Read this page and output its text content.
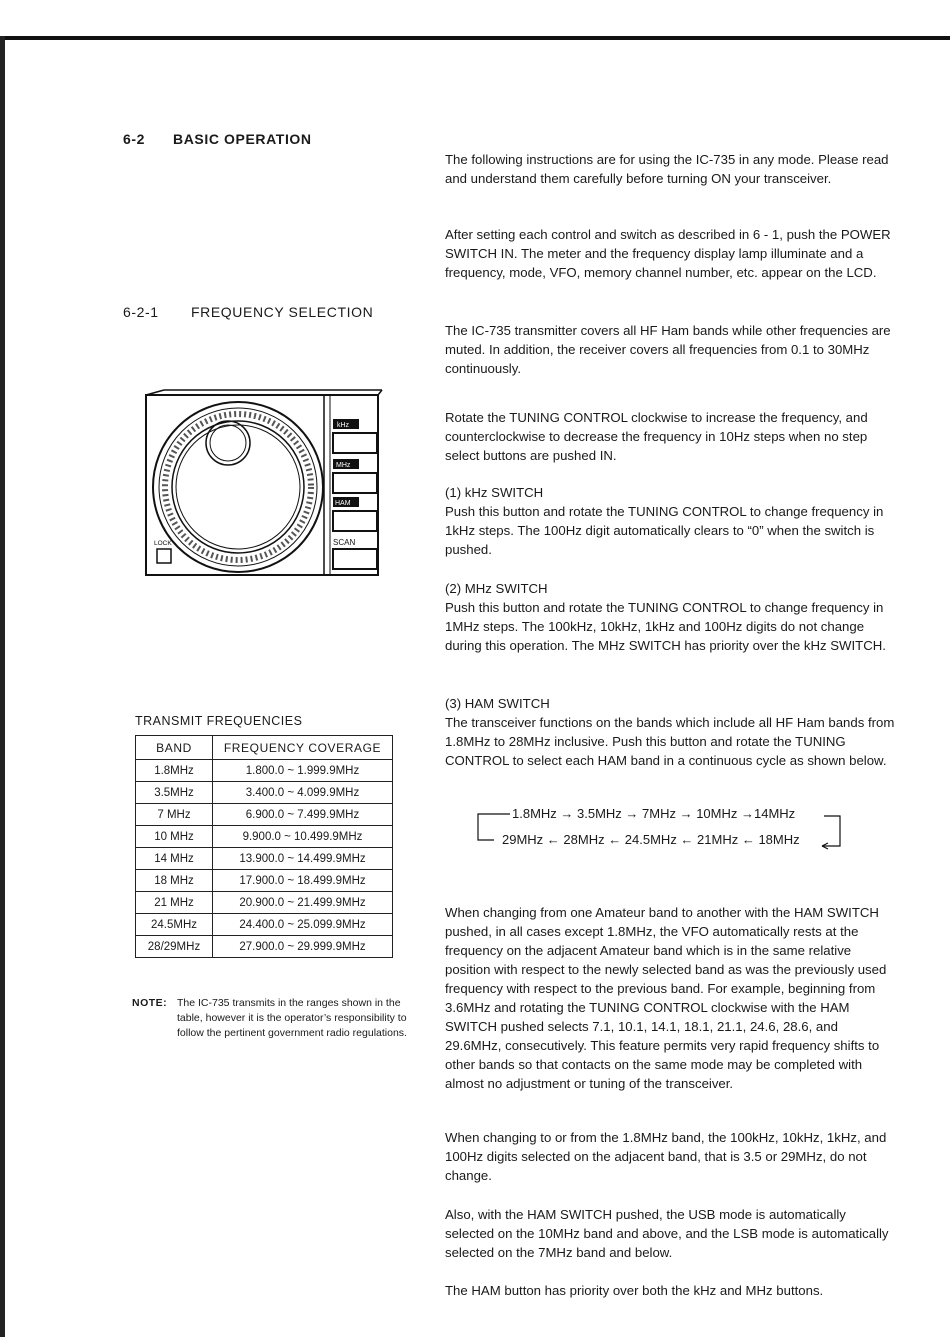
6-2 BASIC OPERATION
6-2-1 FREQUENCY SELECTION
LOCK
kHz
MHz
HAM
SCAN
TRANSMIT FREQUENCIES
BAND	FREQUENCY COVERAGE
1.8MHz	1.800.0 ~ 1.999.9MHz
3.5MHz	3.400.0 ~ 4.099.9MHz
7 MHz	6.900.0 ~ 7.499.9MHz
10 MHz	9.900.0 ~ 10.499.9MHz
14 MHz	13.900.0 ~ 14.499.9MHz
18 MHz	17.900.0 ~ 18.499.9MHz
21 MHz	20.900.0 ~ 21.499.9MHz
24.5MHz	24.400.0 ~ 25.099.9MHz
28/29MHz	27.900.0 ~ 29.999.9MHz
NOTE: The IC-735 transmits in the ranges shown in the table, however it is the operator’s responsibility to follow the pertinent government radio regulations.

The following instructions are for using the IC-735 in any mode. Please read and understand them carefully before turning ON your transceiver.

After setting each control and switch as described in 6 - 1, push the POWER SWITCH IN. The meter and the frequency display lamp illuminate and a frequency, mode, VFO, memory channel number, etc. appear on the LCD.

The IC-735 transmitter covers all HF Ham bands while other frequencies are muted. In addition, the receiver covers all frequencies from 0.1 to 30MHz continuously.

Rotate the TUNING CONTROL clockwise to increase the frequency, and counterclockwise to decrease the frequency in 10Hz steps when no step select buttons are pushed IN.

(1) kHz SWITCH

Push this button and rotate the TUNING CONTROL to change frequency in 1kHz steps. The 100Hz digit automatically clears to “0” when the switch is pushed.

(2) MHz SWITCH

Push this button and rotate the TUNING CONTROL to change frequency in 1MHz steps. The 100kHz, 10kHz, 1kHz and 100Hz digits do not change during this operation. The MHz SWITCH has priority over the kHz SWITCH.

(3) HAM SWITCH

The transceiver functions on the bands which include all HF Ham bands from 1.8MHz to 28MHz inclusive. Push this button and rotate the TUNING CONTROL to select each HAM band in a continuous cycle as shown below.

1.8MHz → 3.5MHz → 7MHz → 10MHz →14MHz
29MHz ← 28MHz ← 24.5MHz ← 21MHz ← 18MHz

When changing from one Amateur band to another with the HAM SWITCH pushed, in all cases except 1.8MHz, the VFO automatically rests at the frequency on the adjacent Amateur band which is in the same relative position with respect to the newly selected band as was the previously used frequency with respect to the previous band. For example, beginning from 3.6MHz and rotating the TUNING CONTROL clockwise with the HAM SWITCH pushed selects 7.1, 10.1, 14.1, 18.1, 21.1, 24.6, 28.6, and 29.6MHz, consecutively. This feature permits very rapid frequency shifts to other bands so that contacts on the same mode may be completed with almost no adjustment or tuning of the transceiver.

When changing to or from the 1.8MHz band, the 100kHz, 10kHz, 1kHz, and 100Hz digits selected on the adjacent band, that is 3.5 or 29MHz, do not change.

Also, with the HAM SWITCH pushed, the USB mode is automatically selected on the 10MHz band and above, and the LSB mode is automatically selected on the 7MHz band and below.

The HAM button has priority over both the kHz and MHz buttons.
